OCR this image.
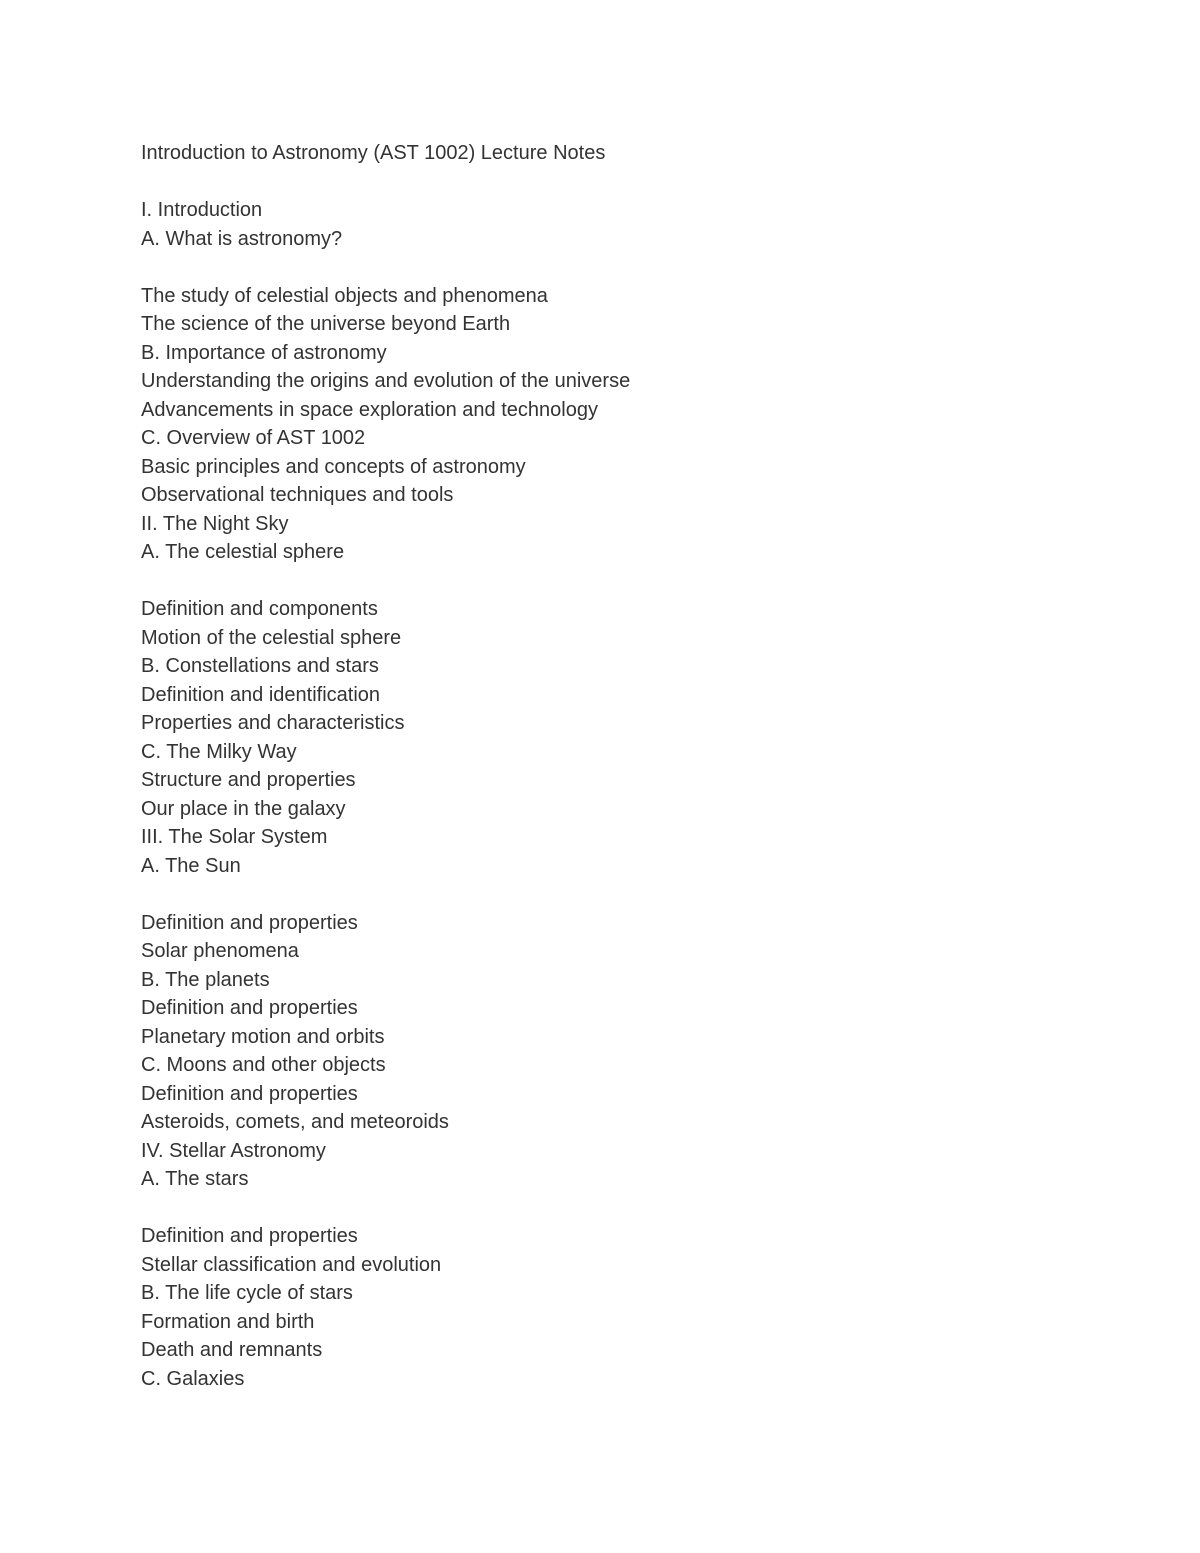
Introduction to Astronomy (AST 1002) Lecture Notes
I. Introduction
A. What is astronomy?
The study of celestial objects and phenomena
The science of the universe beyond Earth
B. Importance of astronomy
Understanding the origins and evolution of the universe
Advancements in space exploration and technology
C. Overview of AST 1002
Basic principles and concepts of astronomy
Observational techniques and tools
II. The Night Sky
A. The celestial sphere
Definition and components
Motion of the celestial sphere
B. Constellations and stars
Definition and identification
Properties and characteristics
C. The Milky Way
Structure and properties
Our place in the galaxy
III. The Solar System
A. The Sun
Definition and properties
Solar phenomena
B. The planets
Definition and properties
Planetary motion and orbits
C. Moons and other objects
Definition and properties
Asteroids, comets, and meteoroids
IV. Stellar Astronomy
A. The stars
Definition and properties
Stellar classification and evolution
B. The life cycle of stars
Formation and birth
Death and remnants
C. Galaxies
